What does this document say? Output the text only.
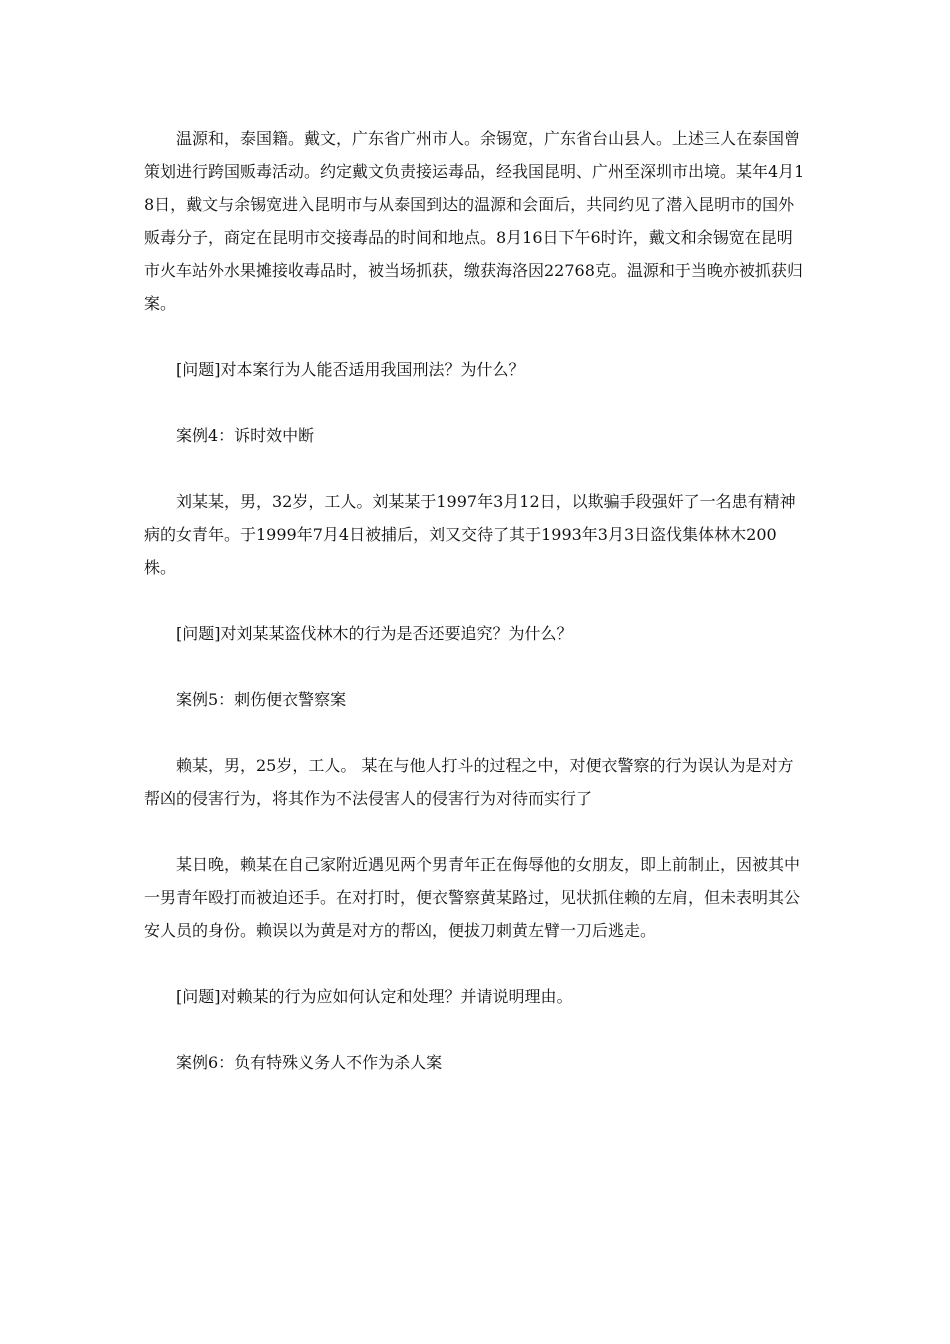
温源和，泰国籍。戴文，广东省广州市人。余锡宽，广东省台山县人。上述三人在泰国曾策划进行跨国贩毒活动。约定戴文负责接运毒品，经我国昆明、广州至深圳市出境。某年4月18日，戴文与余锡宽进入昆明市与从泰国到达的温源和会面后，共同约见了潜入昆明市的国外贩毒分子，商定在昆明市交接毒品的时间和地点。8月16日下午6时许，戴文和余锡宽在昆明市火车站外水果摊接收毒品时，被当场抓获，缴获海洛因22768克。温源和于当晚亦被抓获归案。

[问题]对本案行为人能否适用我国刑法？为什么？

案例4：诉时效中断

刘某某，男，32岁，工人。刘某某于1997年3月12日，以欺骗手段强奸了一名患有精神病的女青年。于1999年7月4日被捕后，刘又交待了其于1993年3月3日盗伐集体林木200株。

[问题]对刘某某盗伐林木的行为是否还要追究？为什么？

案例5：刺伤便衣警察案

赖某，男，25岁，工人。 某在与他人打斗的过程之中，对便衣警察的行为误认为是对方帮凶的侵害行为，将其作为不法侵害人的侵害行为对待而实行了

某日晚，赖某在自己家附近遇见两个男青年正在侮辱他的女朋友，即上前制止，因被其中一男青年殴打而被迫还手。在对打时，便衣警察黄某路过，见状抓住赖的左肩，但未表明其公安人员的身份。赖误以为黄是对方的帮凶，便拔刀刺黄左臂一刀后逃走。

[问题]对赖某的行为应如何认定和处理？并请说明理由。

案例6：负有特殊义务人不作为杀人案
